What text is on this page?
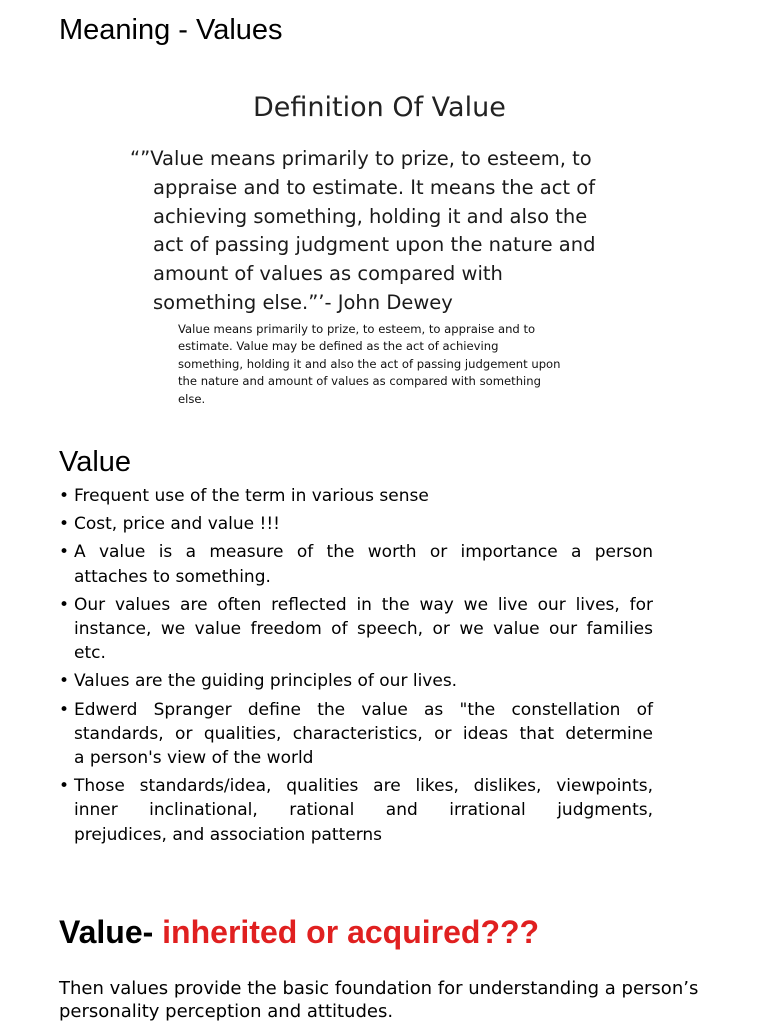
Meaning - Values
Definition Of Value

“”Value means primarily to prize, to esteem, to
appraise and to estimate. It means the act of
achieving something, holding it and also the
act of passing judgment upon the nature and
amount of values as compared with
something else.”’- John Dewey

Value means primarily to prize, to esteem, to appraise and to
estimate. Value may be defined as the act of achieving
something, holding it and also the act of passing judgement upon
the nature and amount of values as compared with something
else.

Value
• Frequent use of the term in various sense
• Cost, price and value !!!
• A value is a measure of the worth or importance a person
attaches to something.
• Our values are often reflected in the way we live our lives, for
instance, we value freedom of speech, or we value our families
etc.
• Values are the guiding principles of our lives.
• Edwerd Spranger define the value as "the constellation of
standards, or qualities, characteristics, or ideas that determine
a person's view of the world
• Those standards/idea, qualities are likes, dislikes, viewpoints,
inner inclinational, rational and irrational judgments,
prejudices, and association patterns
Value- inherited or acquired???

Then values provide the basic foundation for understanding a person’s
personality perception and attitudes.
